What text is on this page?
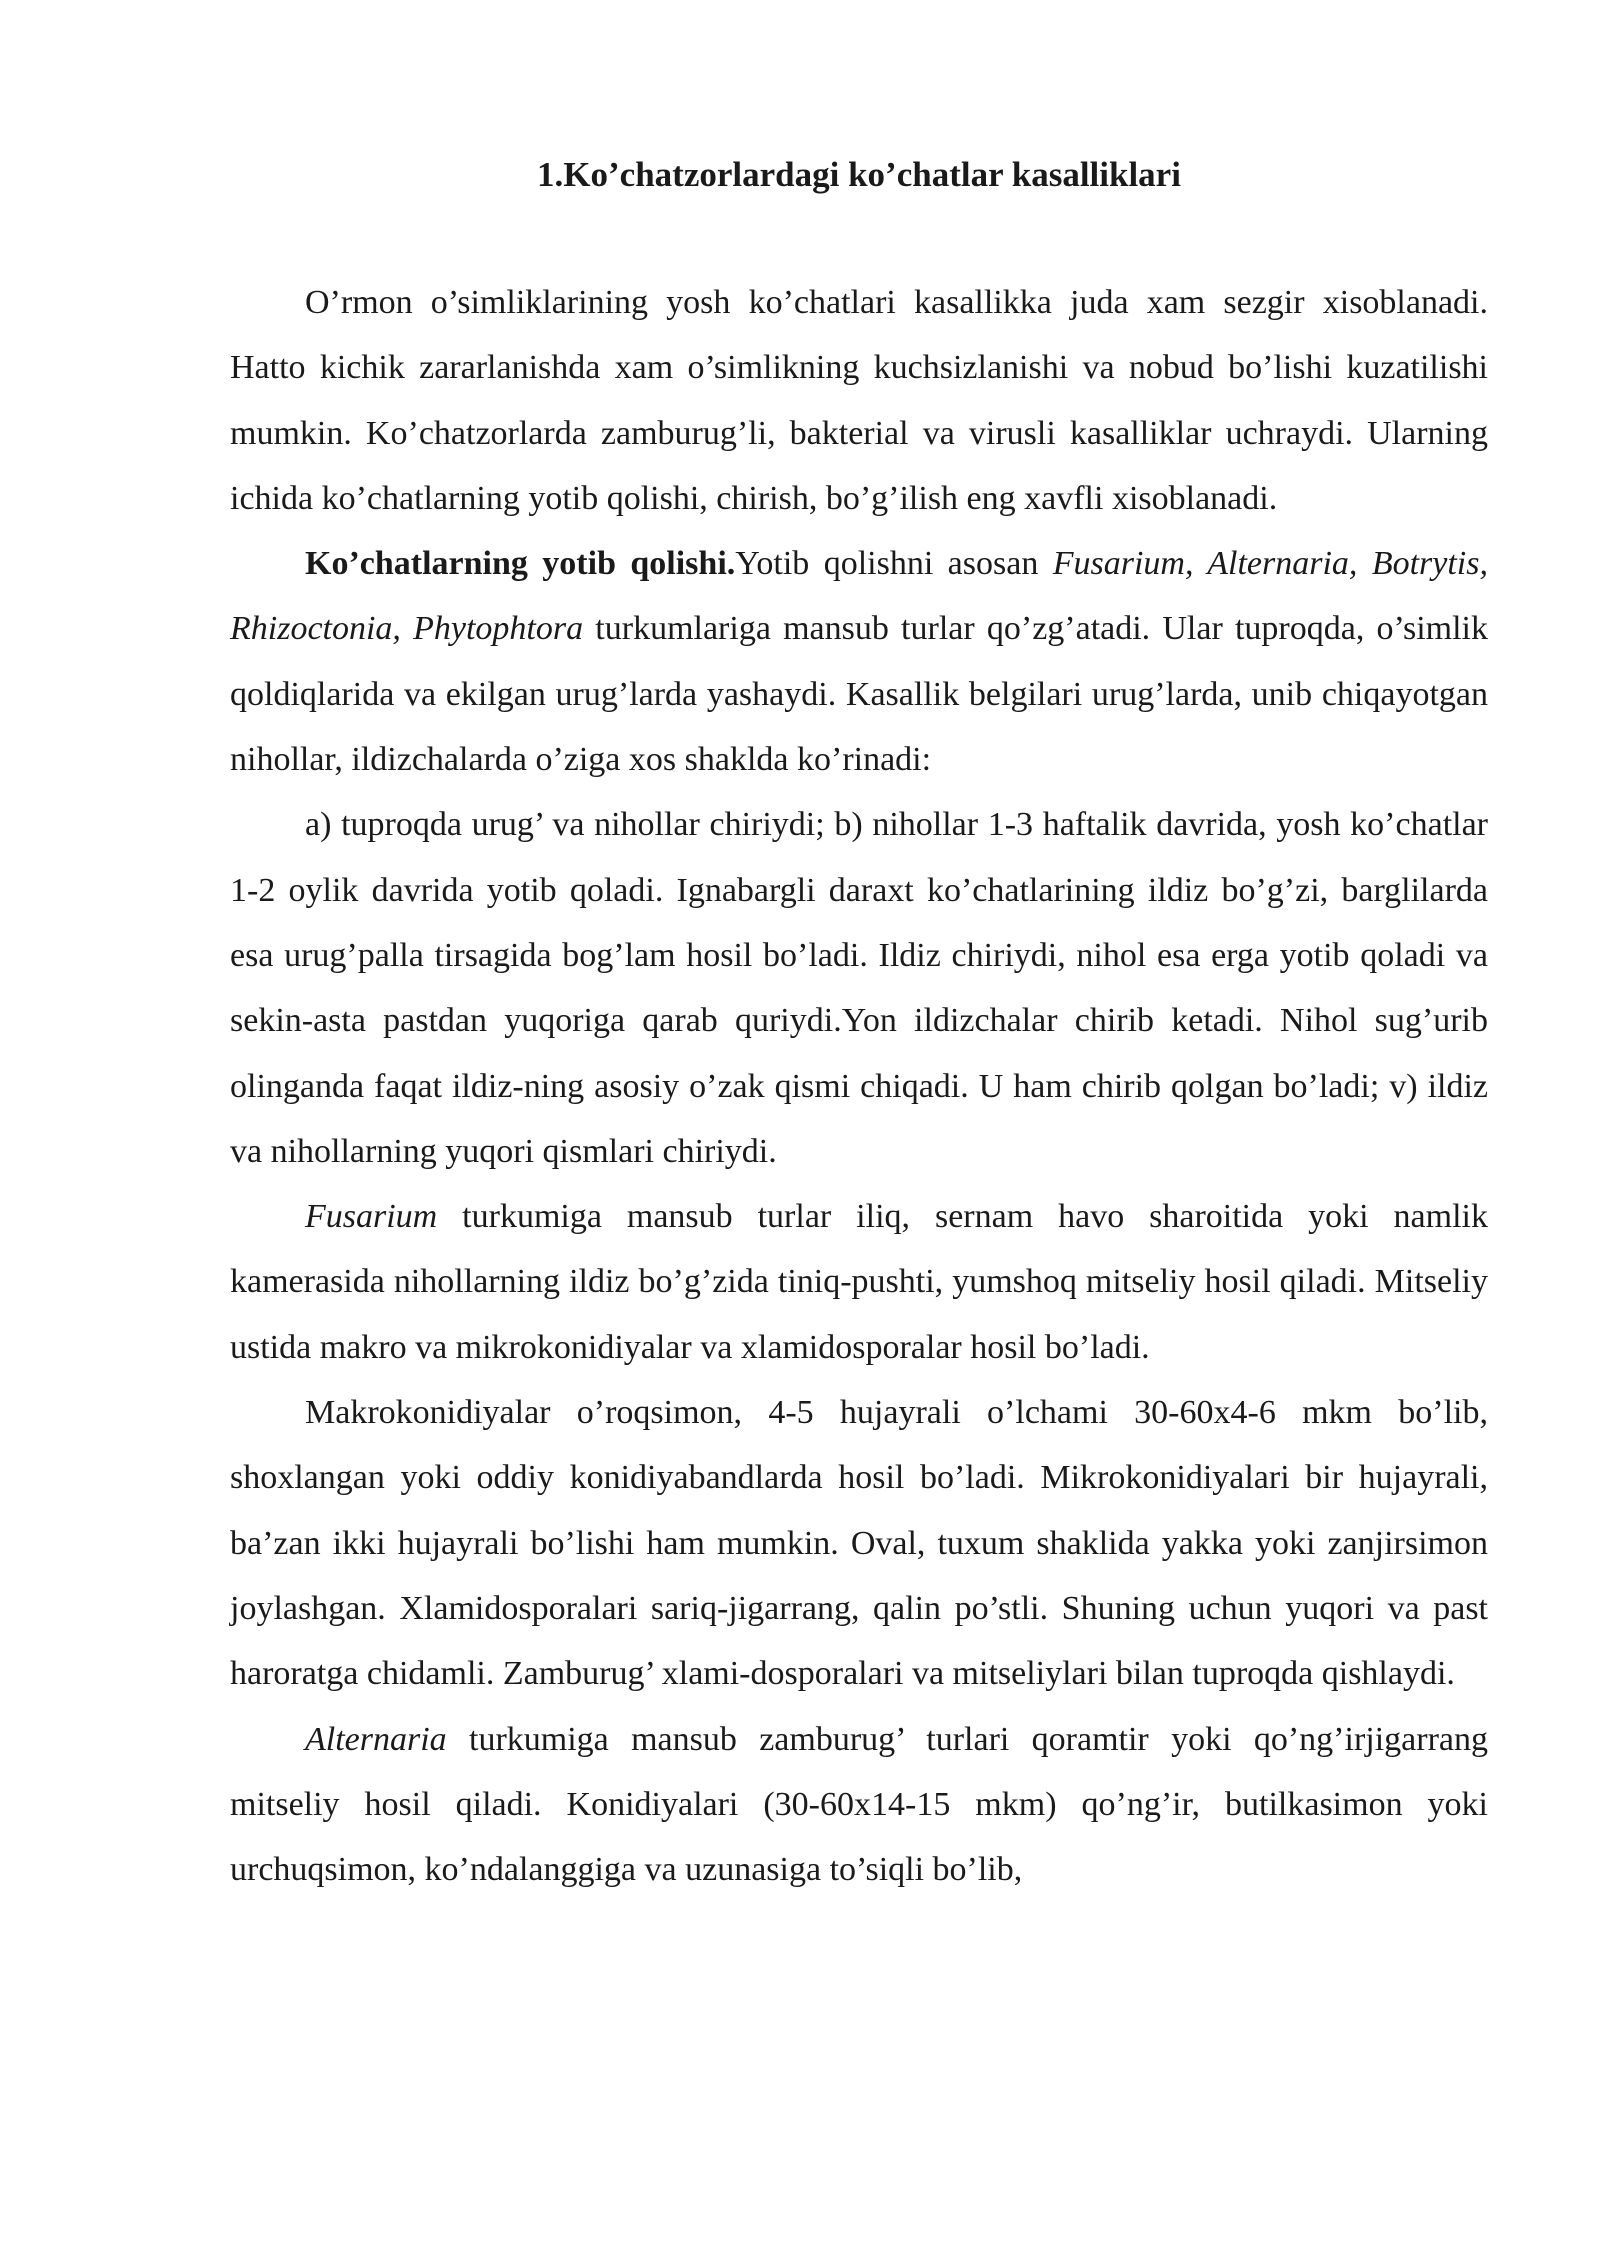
1.Ko’chatzorlardagi ko’chatlar kasalliklari

O’rmon o’simliklarining yosh ko’chatlari kasallikka juda xam sezgir xisoblanadi. Hatto kichik zararlanishda xam o’simlikning kuchsizlanishi va nobud bo’lishi kuzatilishi mumkin. Ko’chatzorlarda zamburug’li, bakterial va virusli kasalliklar uchraydi. Ularning ichida ko’chatlarning yotib qolishi, chirish, bo’g’ilish eng xavfli xisoblanadi.

Ko’chatlarning yotib qolishi.Yotib qolishni asosan Fusarium, Alternaria, Botrytis, Rhizoctonia, Phytophtora turkumlariga mansub turlar qo’zg’atadi. Ular tuproqda, o’simlik qoldiqlarida va ekilgan urug’larda yashaydi. Kasallik belgilari urug’larda, unib chiqayotgan nihollar, ildizchalarda o’ziga xos shaklda ko’rinadi:

a) tuproqda urug’ va nihollar chiriydi; b) nihollar 1-3 haftalik davrida, yosh ko’chatlar 1-2 oylik davrida yotib qoladi. Ignabargli daraxt ko’chatlarining ildiz bo’g’zi, barglilarda esa urug’palla tirsagida bog’lam hosil bo’ladi. Ildiz chiriydi, nihol esa erga yotib qoladi va sekin-asta pastdan yuqoriga qarab quriydi.Yon ildizchalar chirib ketadi. Nihol sug’urib olinganda faqat ildiz-ning asosiy o’zak qismi chiqadi. U ham chirib qolgan bo’ladi; v) ildiz va nihollarning yuqori qismlari chiriydi.

Fusarium turkumiga mansub turlar iliq, sernam havo sharoitida yoki namlik kamerasida nihollarning ildiz bo’g’zida tiniq-pushti, yumshoq mitseliy hosil qiladi. Mitseliy ustida makro va mikrokonidiyalar va xlamidosporalar hosil bo’ladi.

Makrokonidiyalar o’roqsimon, 4-5 hujayrali o’lchami 30-60x4-6 mkm bo’lib, shoxlangan yoki oddiy konidiyabandlarda hosil bo’ladi. Mikrokonidiyalari bir hujayrali, ba’zan ikki hujayrali bo’lishi ham mumkin. Oval, tuxum shaklida yakka yoki zanjirsimon joylashgan. Xlamidosporalari sariq-jigarrang, qalin po’stli. Shuning uchun yuqori va past haroratga chidamli. Zamburug’ xlami-dosporalari va mitseliylari bilan tuproqda qishlaydi.

Alternaria turkumiga mansub zamburug’ turlari qoramtir yoki qo’ng’irjigarrang mitseliy hosil qiladi. Konidiyalari (30-60x14-15 mkm) qo’ng’ir, butilkasimon yoki urchuqsimon, ko’ndalanggiga va uzunasiga to’siqli bo’lib,
